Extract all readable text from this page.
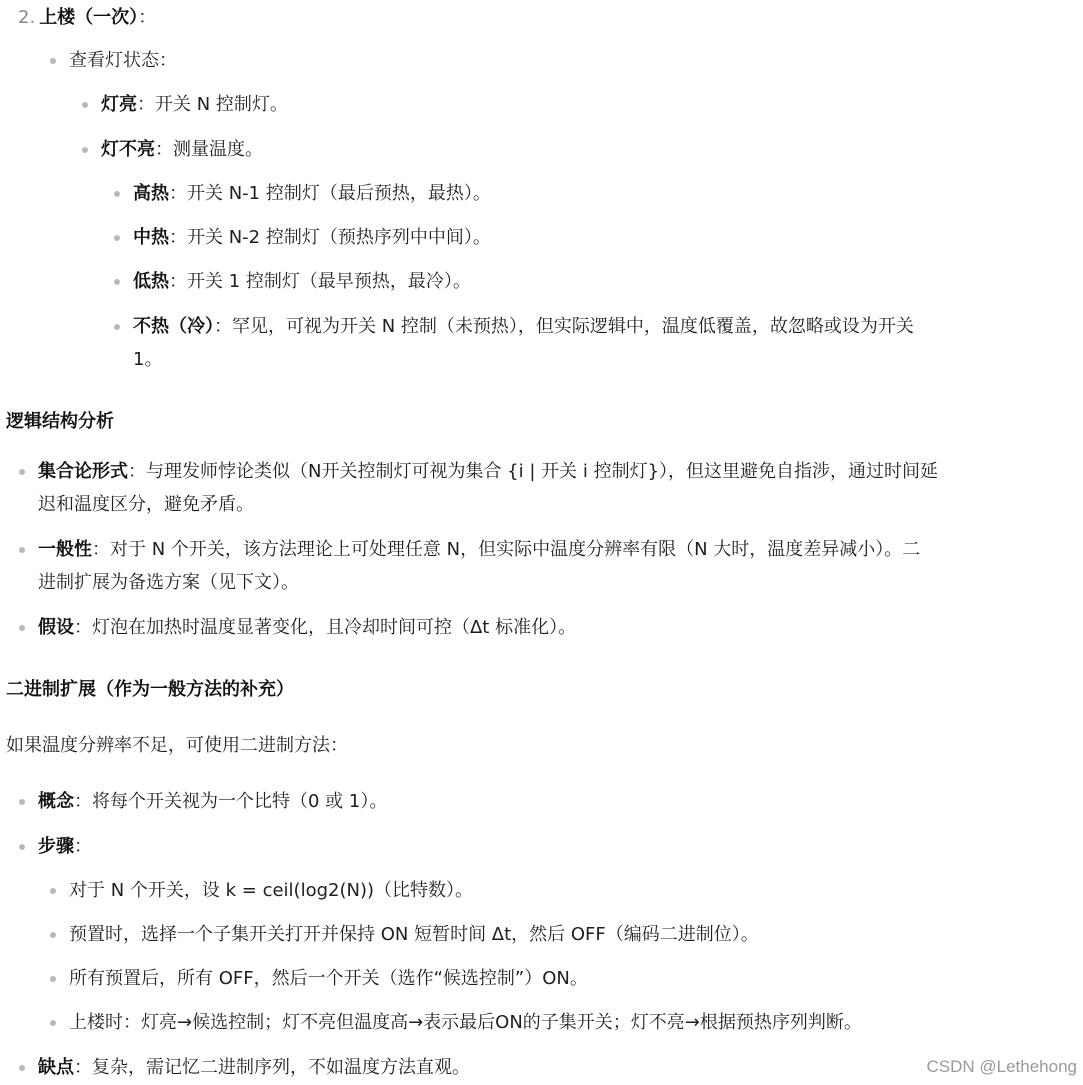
2. 上楼（一次）：
查看灯状态：
灯亮：开关 N 控制灯。
灯不亮：测量温度。
高热：开关 N-1 控制灯（最后预热，最热）。
中热：开关 N-2 控制灯（预热序列中中间）。
低热：开关 1 控制灯（最早预热，最冷）。
不热（冷）：罕见，可视为开关 N 控制（未预热），但实际逻辑中，温度低覆盖，故忽略或设为开关
1。
逻辑结构分析
集合论形式：与理发师悖论类似（N开关控制灯可视为集合 {i | 开关 i 控制灯}），但这里避免自指涉，通过时间延
迟和温度区分，避免矛盾。
一般性：对于 N 个开关，该方法理论上可处理任意 N，但实际中温度分辨率有限（N 大时，温度差异减小）。二
进制扩展为备选方案（见下文）。
假设：灯泡在加热时温度显著变化，且冷却时间可控（Δt 标准化）。
二进制扩展（作为一般方法的补充）
如果温度分辨率不足，可使用二进制方法：
概念：将每个开关视为一个比特（0 或 1）。
步骤：
对于 N 个开关，设 k = ceil(log2(N))（比特数）。
预置时，选择一个子集开关打开并保持 ON 短暂时间 Δt，然后 OFF（编码二进制位）。
所有预置后，所有 OFF，然后一个开关（选作“候选控制”）ON。
上楼时：灯亮→候选控制；灯不亮但温度高→表示最后ON的子集开关；灯不亮→根据预热序列判断。
缺点：复杂，需记忆二进制序列，不如温度方法直观。	CSDN @Lethehong
